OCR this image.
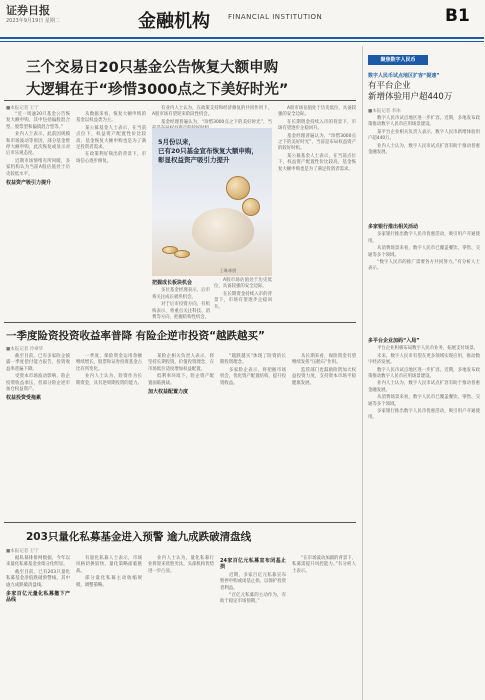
证券日报
2023年9月19日 星期二	金融机构	FINANCIAL INSTITUTION	B1
三个交易日20只基金公告恢复大额申购
大逻辑在于“珍惜3000点之下美好时光”
■本报记者 王宁

“近一周逾20只基金公告恢复大额申购，其中包括偏股混合型、股票型和偏债混合型等。”

业内人士表示，此前因规模和市场波动等原因，部分基金暂停大额申购，此次恢复或显示对后市乐观态度。

近期市场情绪有所回暖，多家机构认为当前A股估值处于历史较低水平。

权益资产吸引力提升

从数据来看，恢复大额申购的基金以权益类为主。

某公募基金人士表示，在当前点位下，权益资产配置性价比较高，基金恢复大额申购也是为了满足投资者需求。

在政策利好频出的背景下，市场信心逐步修复。

有业内人士认为，在政策支持和经济修复的共同作用下，A股市场有望迎来阶段性机会。

基金经理普遍认为，“珍惜3000点之下的美好时光”，当

5月份以来，
已有20只基金宣布恢复大额申购，
彰显权益资产吸引力提升
王琳/制图
把握成长板块机会

多位基金经理表示，后市将关注成长板块机会。

对于后市投资方向，有机构表示，将重点关注科技、消费等方向，把握结构性机会。

A股市场估值处于历史低位，具备较强的安全边际。

在长期资金持续入市的背景下，市场有望逐步企稳回升。

A股市场估值处于历史低位，具备较强的安全边际。

在长期资金持续入市的背景下，市场有望逐步企稳回升。

基金经理普遍认为，“珍惜3000点之下的美好时光”，当前是布局权益资产的较好时机。

某公募基金人士表示，在当前点位下，权益资产配置性价比较高，基金恢复大额申购也是为了满足投资者需求。

一季度险资投资收益率普降 有险企逆市投资“越跌越买”
■本报记者 冷翠华

截至目前，已有多家险企披露一季度偿付能力报告，投资收益率普遍下降。

受资本市场波动影响，险企投资收益承压，但部分险企逆市加仓权益资产。

权益投资受拖累

一季度，保险资金运用余额继续增长，股票和证券投资基金占比有所变化。

业内人士认为，险资作为长期资金，具有逆周期投资的能力。

某险企相关负责人表示，将坚持长期投资、价值投资理念，在市场低位适度增加权益配置。

低利率环境下，险企资产配置面临挑战。

加大权益配置力度

“越跌越买”体现了险资的长期投资理念。

多家险企表示，将把握市场机会，优化资产配置结构，提升投资收益。

从长期来看，保险资金有望继续发挥“压舱石”作用。

监管部门也鼓励险资加大权益投资力度，支持资本市场平稳健康发展。

203只量化私募基金进入预警 逾九成跌破清盘线
■本报记者 王宁

据私募排排网数据，今年以来量化私募基金业绩分化明显。

截至目前，已有203只量化私募基金净值跌破预警线，其中逾九成跌破清盘线。

多家百亿元量化私募撤下产品线

有量化私募人士表示，市场风格切换较快，量化策略面临挑战。

部分量化私募主动收缩规模，调整策略。

业内人士认为，量化私募行业将迎来优胜劣汰，头部机构优势进一步凸显。

24家百亿元私募宣布闭基止损

近期，多家百亿元私募宣布暂停申购或闭基止损，以保护投资者利益。

“百亿元私募的主动作为，有助于稳定市场预期。”

“在市场波动加剧的背景下，私募需提升风控能力。”有分析人士表示。

聚焦数字人民币
数字人民币试点地区扩容“提速”
有平台企业
新增体验用户超440万
■本报记者 李冰

数字人民币试点地区进一步扩容。近期，多地发布政策推动数字人民币应用场景建设。

某平台企业相关负责人表示，数字人民币新增体验用户超440万。

业内人士认为，数字人民币试点扩容有助于推动普惠金融发展。

多家银行推出相关活动

多家银行推出数字人民币优惠活动，吸引用户开通使用。

从消费场景来看，数字人民币已覆盖餐饮、零售、交通等多个领域。

“数字人民币的推广需要各方共同努力。”有分析人士表示。

多平台企业加码“入局”

平台企业积极布局数字人民币业务，拓展支付场景。

未来，数字人民币有望在更多领域实现应用，推动数字经济发展。

数字人民币试点地区进一步扩容。近期，多地发布政策推动数字人民币应用场景建设。

业内人士认为，数字人民币试点扩容有助于推动普惠金融发展。

从消费场景来看，数字人民币已覆盖餐饮、零售、交通等多个领域。

多家银行推出数字人民币优惠活动，吸引用户开通使用。
